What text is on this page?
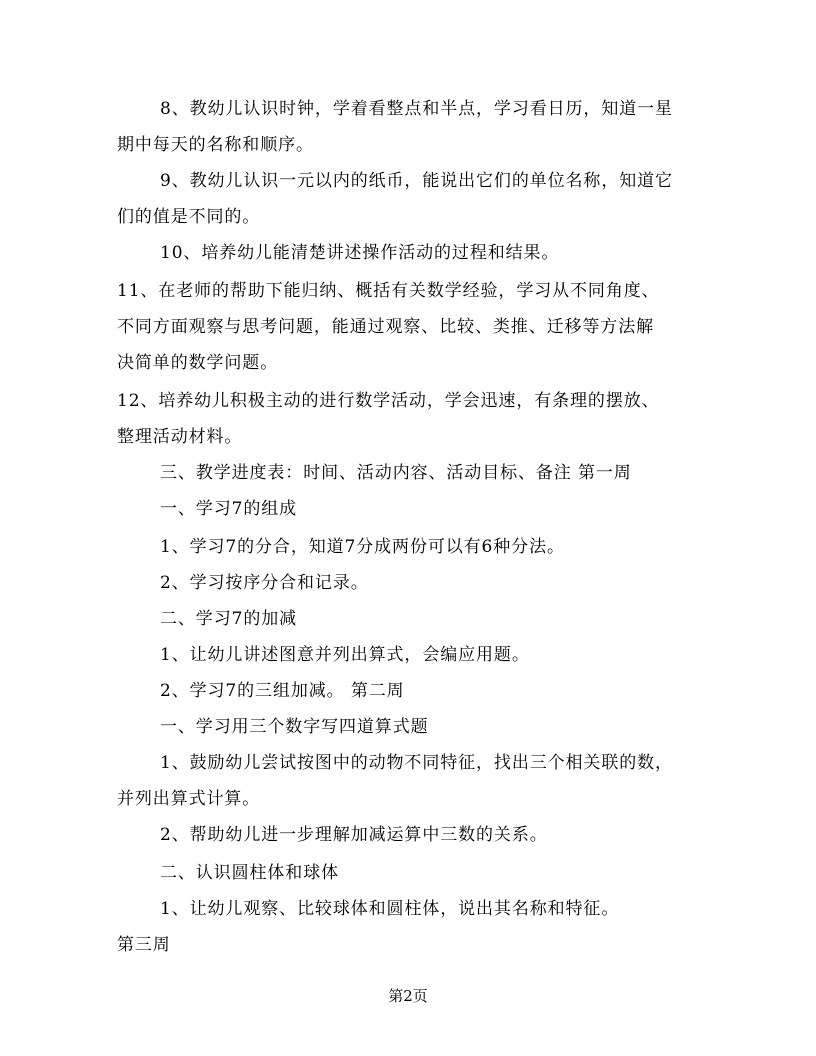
8、教幼儿认识时钟，学着看整点和半点，学习看日历，知道一星
期中每天的名称和顺序。
9、教幼儿认识一元以内的纸币，能说出它们的单位名称，知道它
们的值是不同的。
10、培养幼儿能清楚讲述操作活动的过程和结果。
11、在老师的帮助下能归纳、概括有关数学经验，学习从不同角度、
不同方面观察与思考问题，能通过观察、比较、类推、迁移等方法解
决简单的数学问题。
12、培养幼儿积极主动的进行数学活动，学会迅速，有条理的摆放、
整理活动材料。
三、教学进度表：时间、活动内容、活动目标、备注 第一周
一、学习7的组成
1、学习7的分合，知道7分成两份可以有6种分法。
2、学习按序分合和记录。
二、学习7的加减
1、让幼儿讲述图意并列出算式，会编应用题。
2、学习7的三组加减。 第二周
一、学习用三个数字写四道算式题
1、鼓励幼儿尝试按图中的动物不同特征，找出三个相关联的数，
并列出算式计算。
2、帮助幼儿进一步理解加减运算中三数的关系。
二、认识圆柱体和球体
1、让幼儿观察、比较球体和圆柱体，说出其名称和特征。
第三周
第2页
